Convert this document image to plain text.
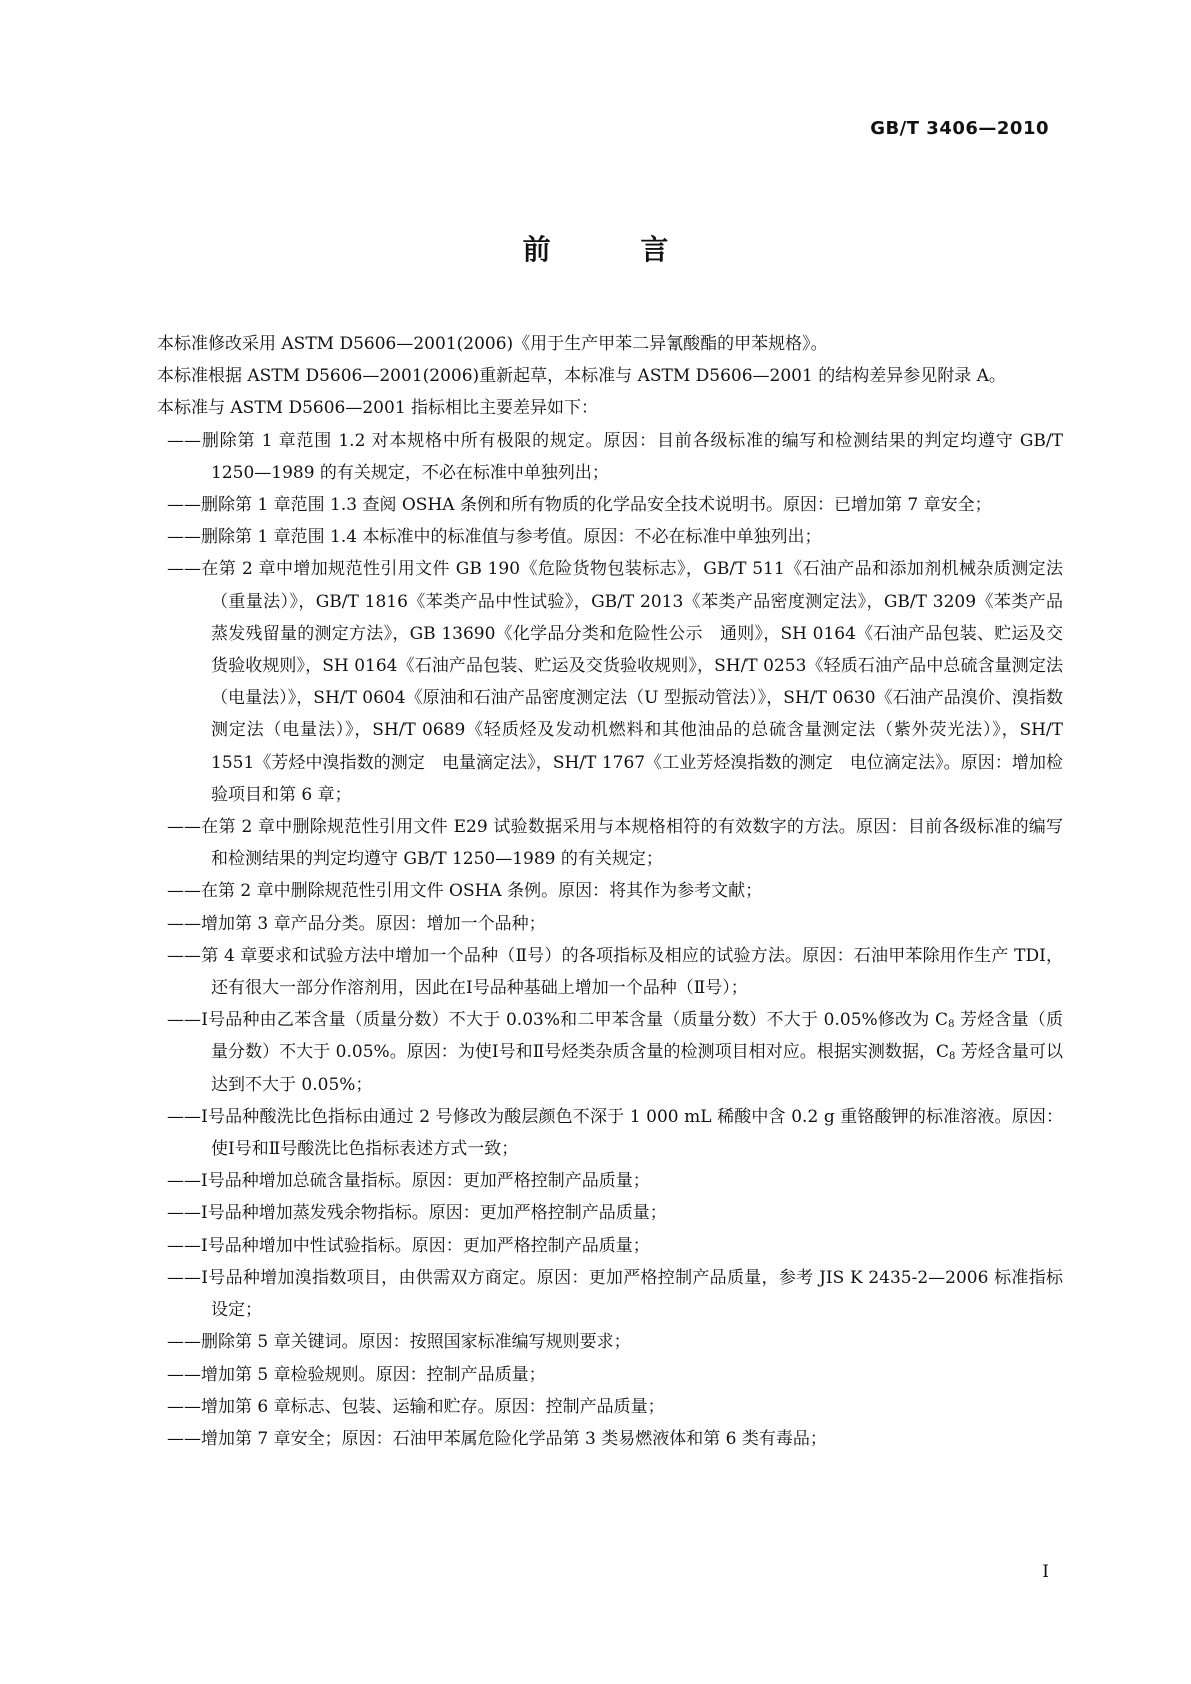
GB/T 3406—2010
前 言

本标准修改采用 ASTM D5606—2001(2006)《用于生产甲苯二异氰酸酯的甲苯规格》。

本标准根据 ASTM D5606—2001(2006)重新起草，本标准与 ASTM D5606—2001 的结构差异参见附录 A。

本标准与 ASTM D5606—2001 指标相比主要差异如下：

——删除第 1 章范围 1.2 对本规格中所有极限的规定。原因：目前各级标准的编写和检测结果的判定均遵守 GB/T 1250—1989 的有关规定，不必在标准中单独列出；

——删除第 1 章范围 1.3 查阅 OSHA 条例和所有物质的化学品安全技术说明书。原因：已增加第 7 章安全；

——删除第 1 章范围 1.4 本标准中的标准值与参考值。原因：不必在标准中单独列出；

——在第 2 章中增加规范性引用文件 GB 190《危险货物包装标志》，GB/T 511《石油产品和添加剂机械杂质测定法（重量法）》，GB/T 1816《苯类产品中性试验》，GB/T 2013《苯类产品密度测定法》，GB/T 3209《苯类产品蒸发残留量的测定方法》，GB 13690《化学品分类和危险性公示　通则》，SH 0164《石油产品包装、贮运及交货验收规则》，SH 0164《石油产品包装、贮运及交货验收规则》，SH/T 0253《轻质石油产品中总硫含量测定法（电量法）》，SH/T 0604《原油和石油产品密度测定法（U 型振动管法）》，SH/T 0630《石油产品溴价、溴指数测定法（电量法）》，SH/T 0689《轻质烃及发动机燃料和其他油品的总硫含量测定法（紫外荧光法）》，SH/T 1551《芳烃中溴指数的测定　电量滴定法》，SH/T 1767《工业芳烃溴指数的测定　电位滴定法》。原因：增加检验项目和第 6 章；

——在第 2 章中删除规范性引用文件 E29 试验数据采用与本规格相符的有效数字的方法。原因：目前各级标准的编写和检测结果的判定均遵守 GB/T 1250—1989 的有关规定；

——在第 2 章中删除规范性引用文件 OSHA 条例。原因：将其作为参考文献；

——增加第 3 章产品分类。原因：增加一个品种；

——第 4 章要求和试验方法中增加一个品种（Ⅱ号）的各项指标及相应的试验方法。原因：石油甲苯除用作生产 TDI，还有很大一部分作溶剂用，因此在Ⅰ号品种基础上增加一个品种（Ⅱ号）；

——Ⅰ号品种由乙苯含量（质量分数）不大于 0.03%和二甲苯含量（质量分数）不大于 0.05%修改为 $C_8$ 芳烃含量（质量分数）不大于 0.05%。原因：为使Ⅰ号和Ⅱ号烃类杂质含量的检测项目相对应。根据实测数据，$C_8$ 芳烃含量可以达到不大于 0.05%；

——Ⅰ号品种酸洗比色指标由通过 2 号修改为酸层颜色不深于 1 000 mL 稀酸中含 0.2 g 重铬酸钾的标准溶液。原因：使Ⅰ号和Ⅱ号酸洗比色指标表述方式一致；

——Ⅰ号品种增加总硫含量指标。原因：更加严格控制产品质量；

——Ⅰ号品种增加蒸发残余物指标。原因：更加严格控制产品质量；

——Ⅰ号品种增加中性试验指标。原因：更加严格控制产品质量；

——Ⅰ号品种增加溴指数项目，由供需双方商定。原因：更加严格控制产品质量，参考 JIS K 2435-2—2006 标准指标设定；

——删除第 5 章关键词。原因：按照国家标准编写规则要求；

——增加第 5 章检验规则。原因：控制产品质量；

——增加第 6 章标志、包装、运输和贮存。原因：控制产品质量；

——增加第 7 章安全；原因：石油甲苯属危险化学品第 3 类易燃液体和第 6 类有毒品；

Ⅰ
